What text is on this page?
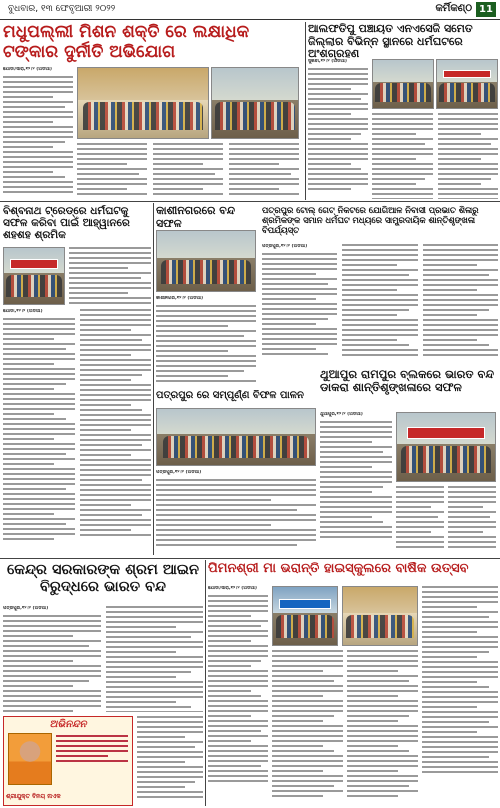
ବୁଧବାର, ୧୩ ଫେବୃଆରୀ ୨୦୨୨	କର୍ମିକଣ୍ଠ 11
ମଧୁପଲ୍ଲୀ ମିଶନ ଶକ୍ତି ରେ ଲକ୍ଷାଧିକ ଟଙ୍କାର ଦୁର୍ନୀତି ଅଭିଯୋଗ
ଯୋଡା/ସାରା,୧୨।୨ (ଅଡିଆ)
ଆଲଫତିପୁ ପଞ୍ଚାୟତ ଏନଏସେଜି ସମେତ ଜିଲ୍ଲାର ବିଭିନ୍ନ ସ୍ଥାନରେ ଧର୍ମଘଟରେ ଅଂଶଗ୍ରହଣ
ସୁକିନ୍ଦା,୧୨।୨ (ଅଡିଆ)
ବିଶ୍ବନାଥ ଟ୍ରେଡ୍ରେ ଧର୍ମଘଟକୁ ସଫଳ କରିବା ପାଇଁ ଆହ୍ୱାନରେ ଶହଶହ ଶ୍ରମିକ
ଯୋଡା,୧୨।୨ (ଅଡିଆ)
କାଶୀନଗରରେ ବନ୍ଦ ସଫଳ
ପତ୍ରପୁର ଟୋଲ୍ ଗେଟ୍ ନିକଟରେ ଯୋଗିଆଳ ନିବାସୀ ପ୍ରଭାତ ଶିଳାରୁ ଶ୍ରମିକଙ୍କ ସମାନ ଧର୍ମଘଟ ମଧ୍ୟରେ ସାମ୍ପ୍ରଦାୟିକ ଶାନ୍ତିଶୃଙ୍ଖଳା ବିପର୍ଯ୍ୟସ୍ତ
କାଶୀନଗର,୧୨।୨ (ଅଡିଆ)
ପତ୍ରପୁର,୧୨।୨ (ଅଡିଆ)
ପତ୍ରପୁର ରେ ସମ୍ପୂର୍ଣ୍ଣ ବିଫଳ ପାଳନ
ପତ୍ରପୁର,୧୨।୨ (ଅଡିଆ)
ଥୁଆପୁର ରାମପୁର ବ୍ଲକରେ ଭାରତ ବନ୍ଦ ଡାକରା ଶାନ୍ତିଶୃଙ୍ଖଳାରେ ସଫଳ
ଥୁଆପୁର,୧୨।୨ (ଅଡିଆ)
କେନ୍ଦ୍ର ସରକାରଙ୍କ ଶ୍ରମ ଆଇନ ବିରୁଦ୍ଧରେ ଭାରତ ବନ୍ଦ
ପତ୍ରପୁର,୧୨।୨ (ଅଡିଆ)
ପିମନଶ୍ରୀ ମା ଭରାନ୍ତି ହାଇସ୍କୁଲରେ ବାର୍ଷିକ ଉତ୍ସବ
ଯୋଡା/ସାରା,୧୨।୨ (ଅଡିଆ)
ଅଭିନନ୍ଦନ
ଶ୍ରୀଯୁକ୍ତ ବିନୟ ନାଏକ
